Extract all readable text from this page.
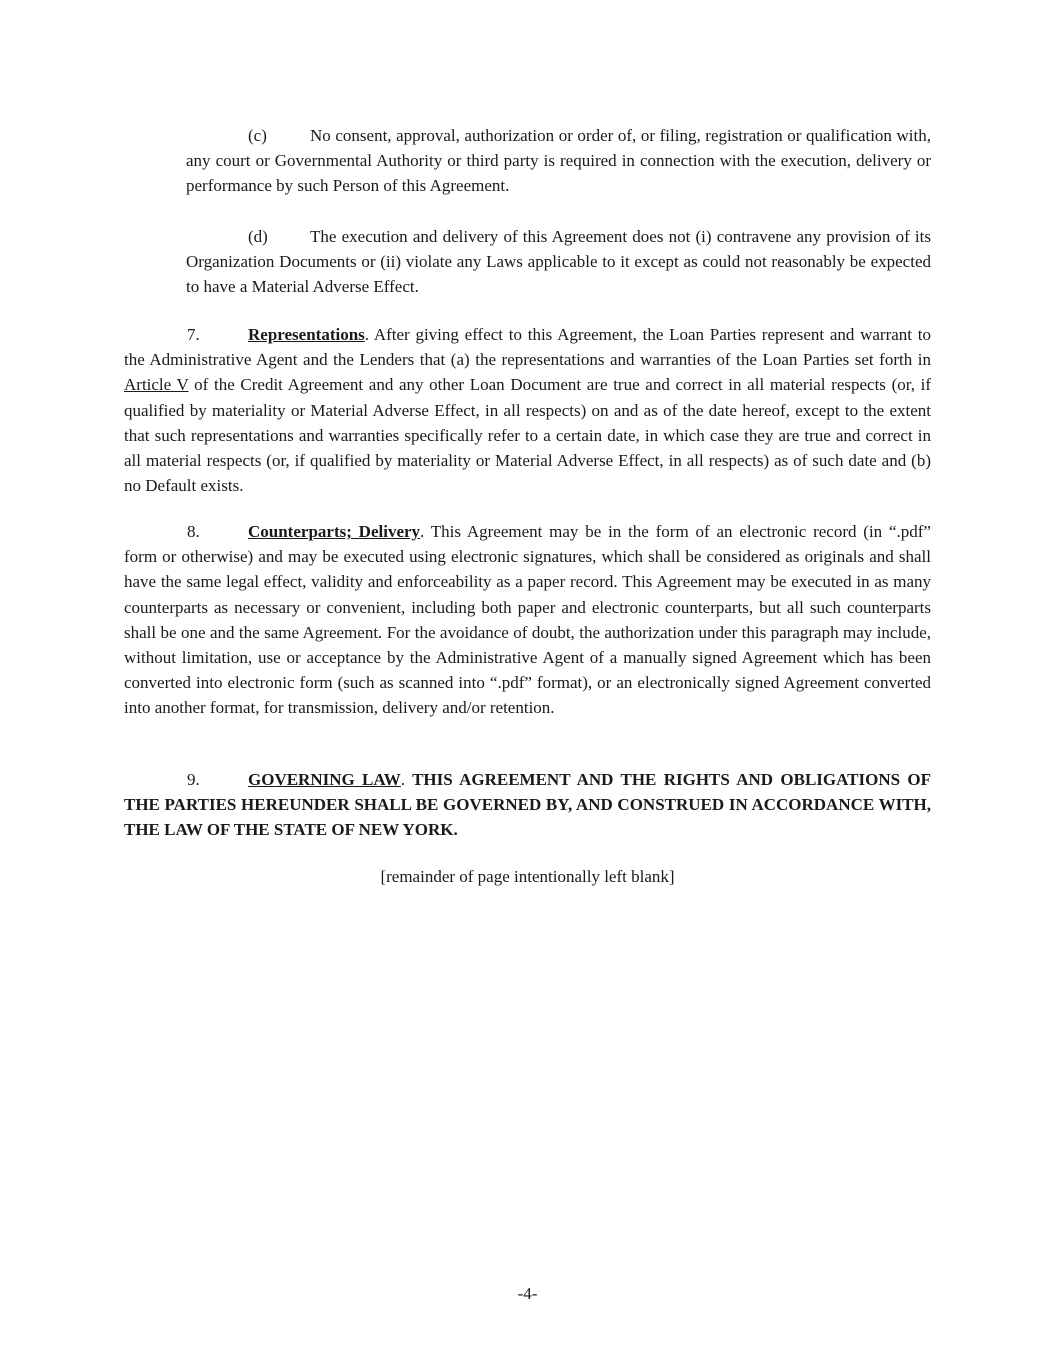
(c)	No consent, approval, authorization or order of, or filing, registration or qualification with, any court or Governmental Authority or third party is required in connection with the execution, delivery or performance by such Person of this Agreement.

(d) The execution and delivery of this Agreement does not (i) contravene any provision of its Organization Documents or (ii) violate any Laws applicable to it except as could not reasonably be expected to have a Material Adverse Effect.

7.	Representations. After giving effect to this Agreement, the Loan Parties represent and warrant to the Administrative Agent and the Lenders that (a) the representations and warranties of the Loan Parties set forth in Article V of the Credit Agreement and any other Loan Document are true and correct in all material respects (or, if qualified by materiality or Material Adverse Effect, in all respects) on and as of the date hereof, except to the extent that such representations and warranties specifically refer to a certain date, in which case they are true and correct in all material respects (or, if qualified by materiality or Material Adverse Effect, in all respects) as of such date and (b) no Default exists.

8.	Counterparts; Delivery. This Agreement may be in the form of an electronic record (in “.pdf” form or otherwise) and may be executed using electronic signatures, which shall be considered as originals and shall have the same legal effect, validity and enforceability as a paper record. This Agreement may be executed in as many counterparts as necessary or convenient, including both paper and electronic counterparts, but all such counterparts shall be one and the same Agreement. For the avoidance of doubt, the authorization under this paragraph may include, without limitation, use or acceptance by the Administrative Agent of a manually signed Agreement which has been converted into electronic form (such as scanned into “.pdf” format), or an electronically signed Agreement converted into another format, for transmission, delivery and/or retention.

9.	GOVERNING LAW. THIS AGREEMENT AND THE RIGHTS AND OBLIGATIONS OF THE PARTIES HEREUNDER SHALL BE GOVERNED BY, AND CONSTRUED IN ACCORDANCE WITH, THE LAW OF THE STATE OF NEW YORK.

[remainder of page intentionally left blank]

-4-
